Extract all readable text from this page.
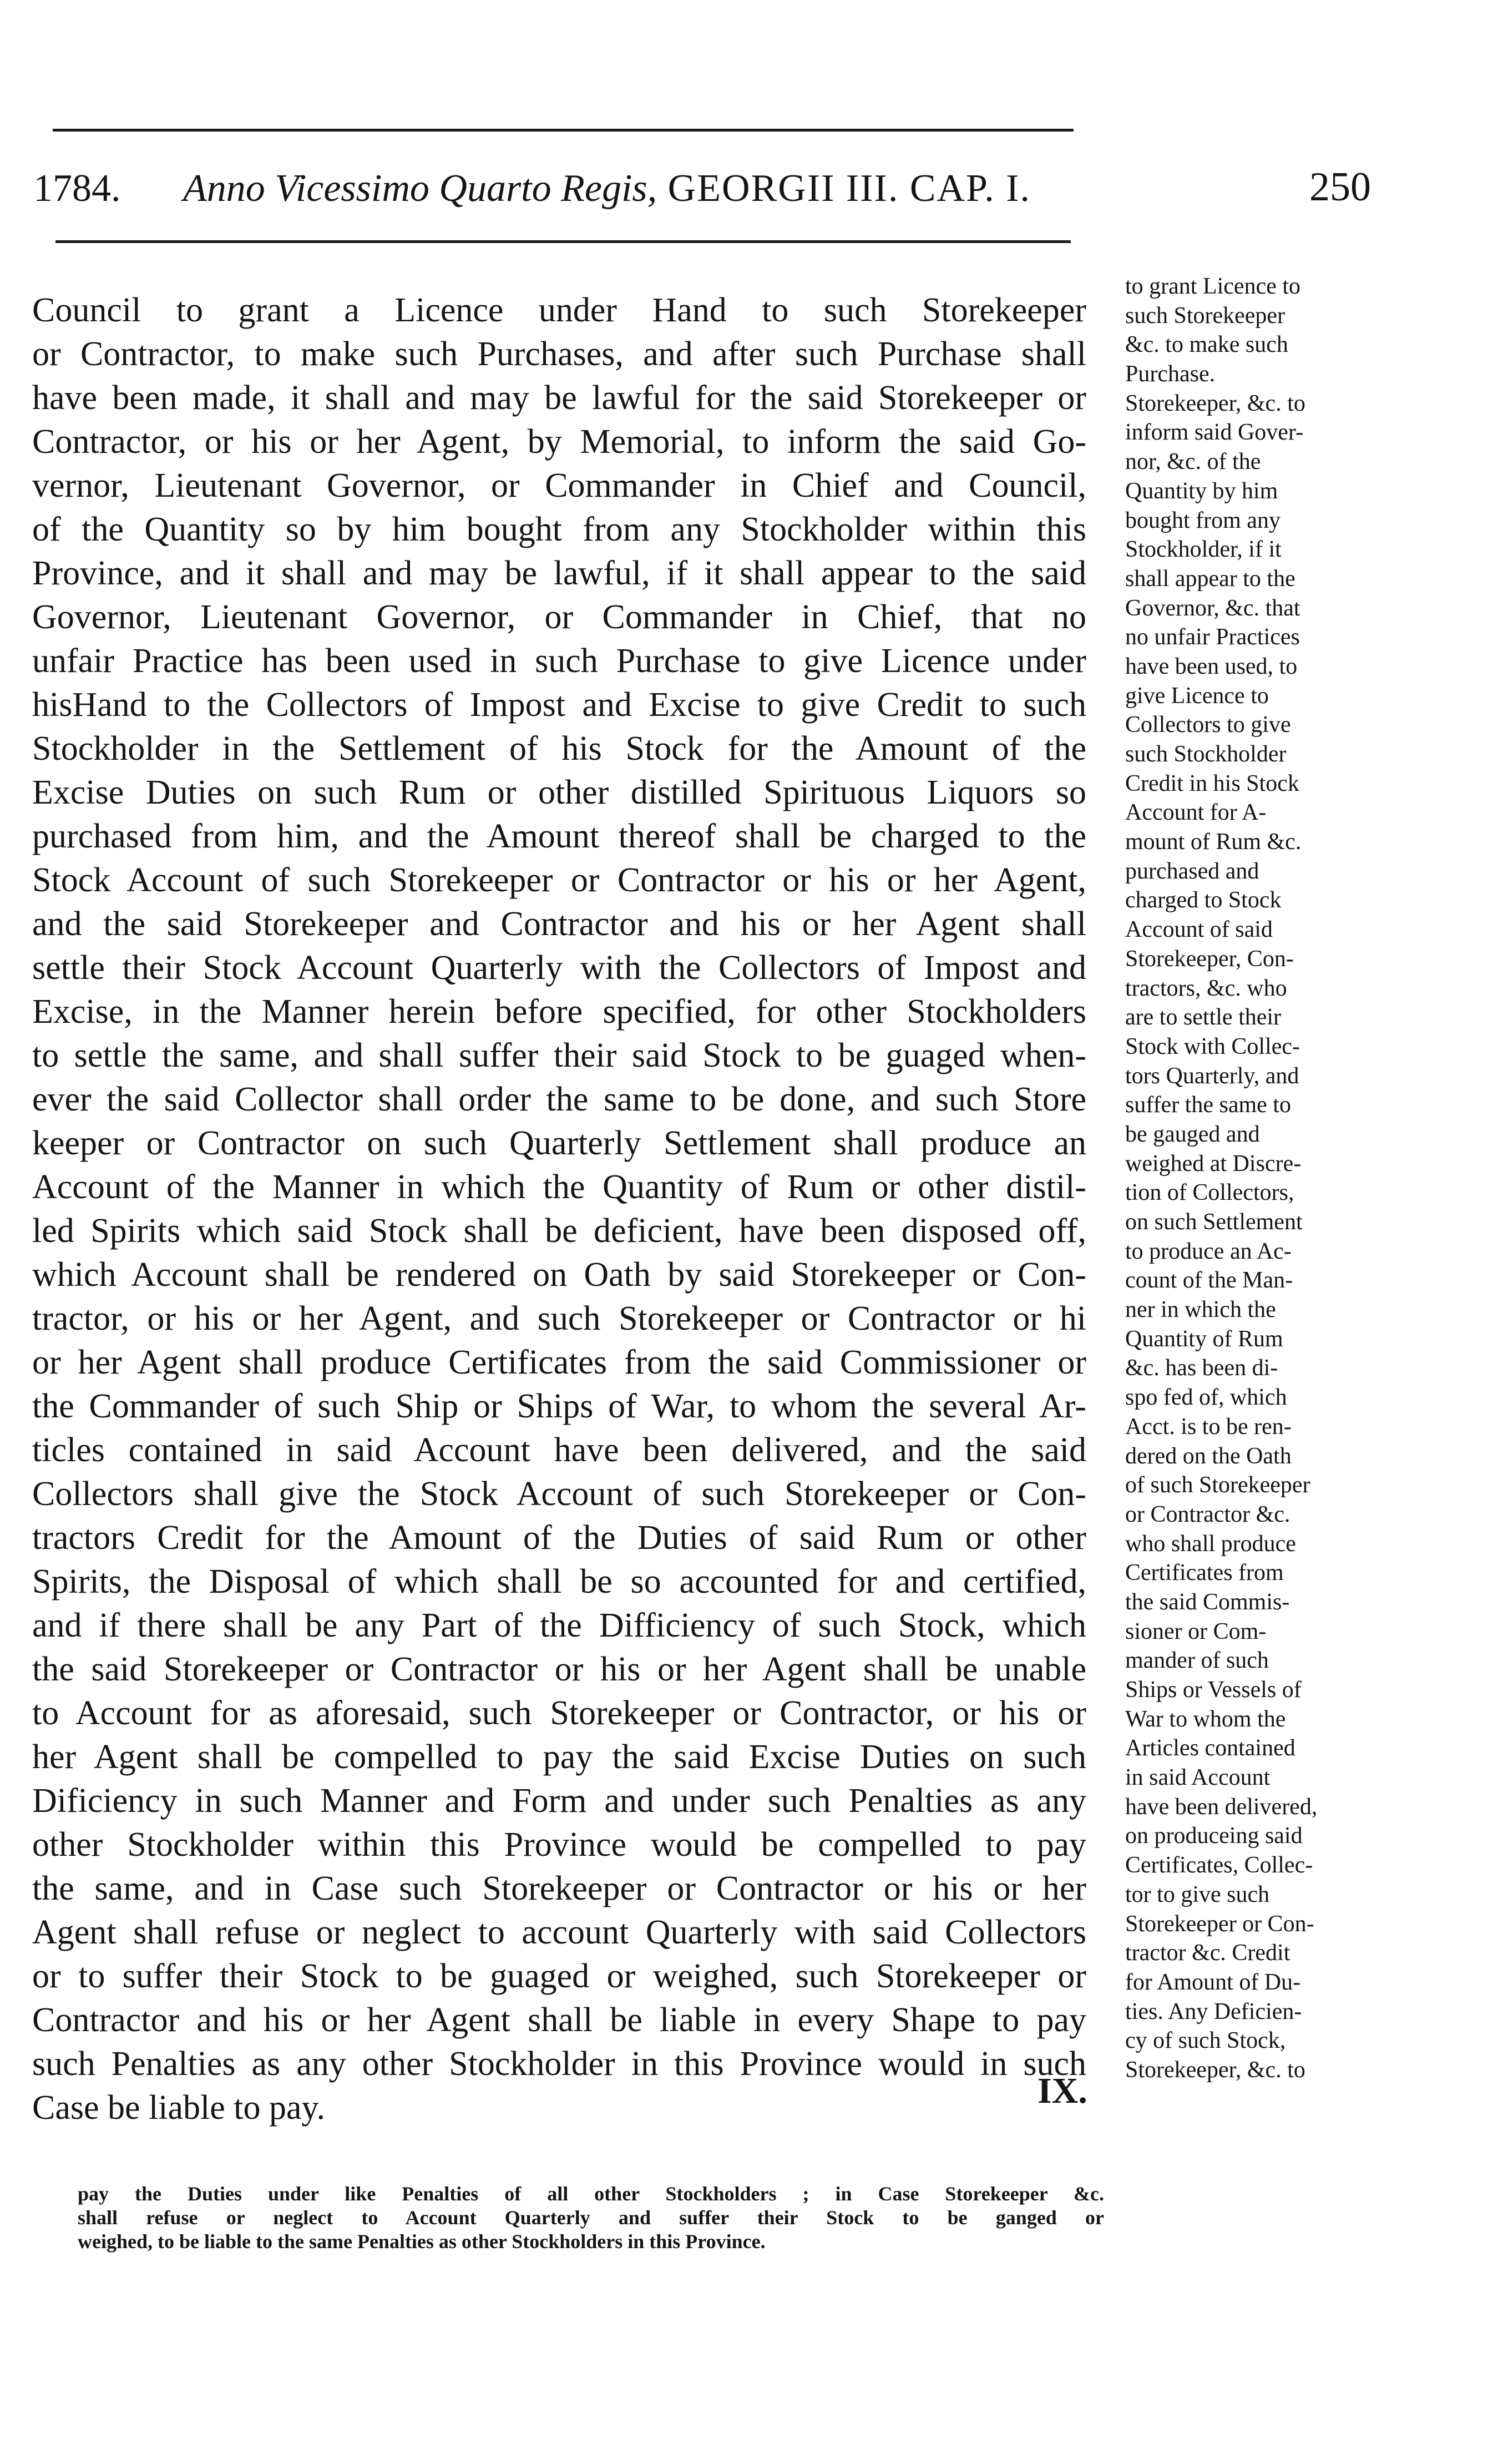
1784. Anno Vicessimo Quarto Regis, GEORGII III. CAP. I.	250
Council to grant a Licence under Hand to such Storekeeper
or Contractor, to make such Purchases, and after such Purchase shall
have been made, it shall and may be lawful for the said Storekeeper or
Contractor, or his or her Agent, by Memorial, to inform the said Go-
vernor, Lieutenant Governor, or Commander in Chief and Council,
of the Quantity so by him bought from any Stockholder within this
Province, and it shall and may be lawful, if it shall appear to the said
Governor, Lieutenant Governor, or Commander in Chief, that no
unfair Practice has been used in such Purchase to give Licence under
hisHand to the Collectors of Impost and Excise to give Credit to such
Stockholder in the Settlement of his Stock for the Amount of the
Excise Duties on such Rum or other distilled Spirituous Liquors so
purchased from him, and the Amount thereof shall be charged to the
Stock Account of such Storekeeper or Contractor or his or her Agent,
and the said Storekeeper and Contractor and his or her Agent shall
settle their Stock Account Quarterly with the Collectors of Impost and
Excise, in the Manner herein before specified, for other Stockholders
to settle the same, and shall suffer their said Stock to be guaged when-
ever the said Collector shall order the same to be done, and such Store
keeper or Contractor on such Quarterly Settlement shall produce an
Account of the Manner in which the Quantity of Rum or other distil-
led Spirits which said Stock shall be deficient, have been disposed off,
which Account shall be rendered on Oath by said Storekeeper or Con-
tractor, or his or her Agent, and such Storekeeper or Contractor or hi
or her Agent shall produce Certificates from the said Commissioner or
the Commander of such Ship or Ships of War, to whom the several Ar-
ticles contained in said Account have been delivered, and the said
Collectors shall give the Stock Account of such Storekeeper or Con-
tractors Credit for the Amount of the Duties of said Rum or other
Spirits, the Disposal of which shall be so accounted for and certified,
and if there shall be any Part of the Difficiency of such Stock, which
the said Storekeeper or Contractor or his or her Agent shall be unable
to Account for as aforesaid, such Storekeeper or Contractor, or his or
her Agent shall be compelled to pay the said Excise Duties on such
Dificiency in such Manner and Form and under such Penalties as any
other Stockholder within this Province would be compelled to pay
the same, and in Case such Storekeeper or Contractor or his or her
Agent shall refuse or neglect to account Quarterly with said Collectors
or to suffer their Stock to be guaged or weighed, such Storekeeper or
Contractor and his or her Agent shall be liable in every Shape to pay
such Penalties as any other Stockholder in this Province would in such
Case be liable to pay.	IX.
to grant Licence to
such Storekeeper
&c. to make such
Purchase.
Storekeeper, &c. to
inform said Gover-
nor, &c. of the
Quantity by him
bought from any
Stockholder, if it
shall appear to the
Governor, &c. that
no unfair Practices
have been used, to
give Licence to
Collectors to give
such Stockholder
Credit in his Stock
Account for A-
mount of Rum &c.
purchased and
charged to Stock
Account of said
Storekeeper, Con-
tractors, &c. who
are to settle their
Stock with Collec-
tors Quarterly, and
suffer the same to
be gauged and
weighed at Discre-
tion of Collectors,
on such Settlement
to produce an Ac-
count of the Man-
ner in which the
Quantity of Rum
&c. has been di-
spo fed of, which
Acct. is to be ren-
dered on the Oath
of such Storekeeper
or Contractor &c.
who shall produce
Certificates from
the said Commis-
sioner or Com-
mander of such
Ships or Vessels of
War to whom the
Articles contained
in said Account
have been delivered,
on produceing said
Certificates, Collec-
tor to give such
Storekeeper or Con-
tractor &c. Credit
for Amount of Du-
ties. Any Deficien-
cy of such Stock,
Storekeeper, &c. to
pay the Duties under like Penalties of all other Stockholders ; in Case Storekeeper &c.
shall refuse or neglect to Account Quarterly and suffer their Stock to be ganged or
weighed, to be liable to the same Penalties as other Stockholders in this Province.
